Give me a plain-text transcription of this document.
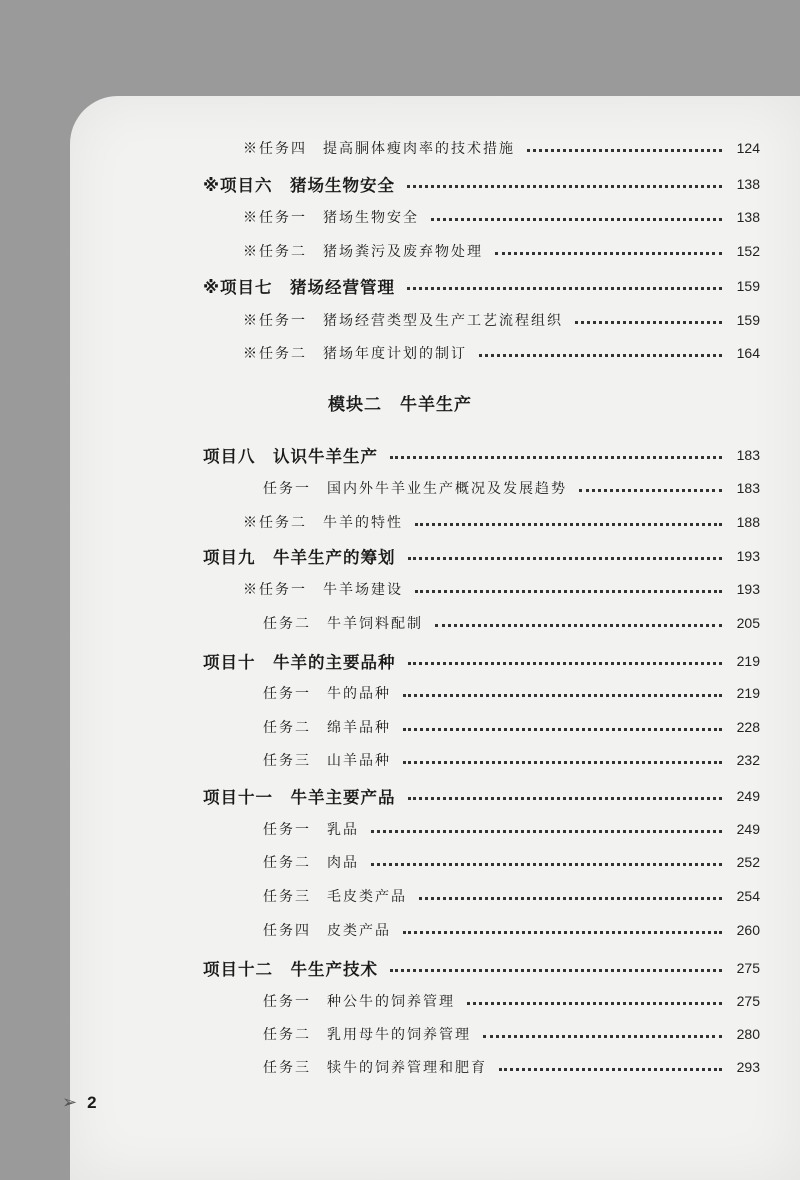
模块二　牛羊生产
※任务四　提高胴体瘦肉率的技术措施	124
※项目六　猪场生物安全	138
※任务一　猪场生物安全	138
※任务二　猪场粪污及废弃物处理	152
※项目七　猪场经营管理	159
※任务一　猪场经营类型及生产工艺流程组织	159
※任务二　猪场年度计划的制订	164
项目八　认识牛羊生产	183
任务一　国内外牛羊业生产概况及发展趋势	183
※任务二　牛羊的特性	188
项目九　牛羊生产的筹划	193
※任务一　牛羊场建设	193
任务二　牛羊饲料配制	205
项目十　牛羊的主要品种	219
任务一　牛的品种	219
任务二　绵羊品种	228
任务三　山羊品种	232
项目十一　牛羊主要产品	249
任务一　乳品	249
任务二　肉品	252
任务三　毛皮类产品	254
任务四　皮类产品	260
项目十二　牛生产技术	275
任务一　种公牛的饲养管理	275
任务二　乳用母牛的饲养管理	280
任务三　犊牛的饲养管理和肥育	293
➢ 2
